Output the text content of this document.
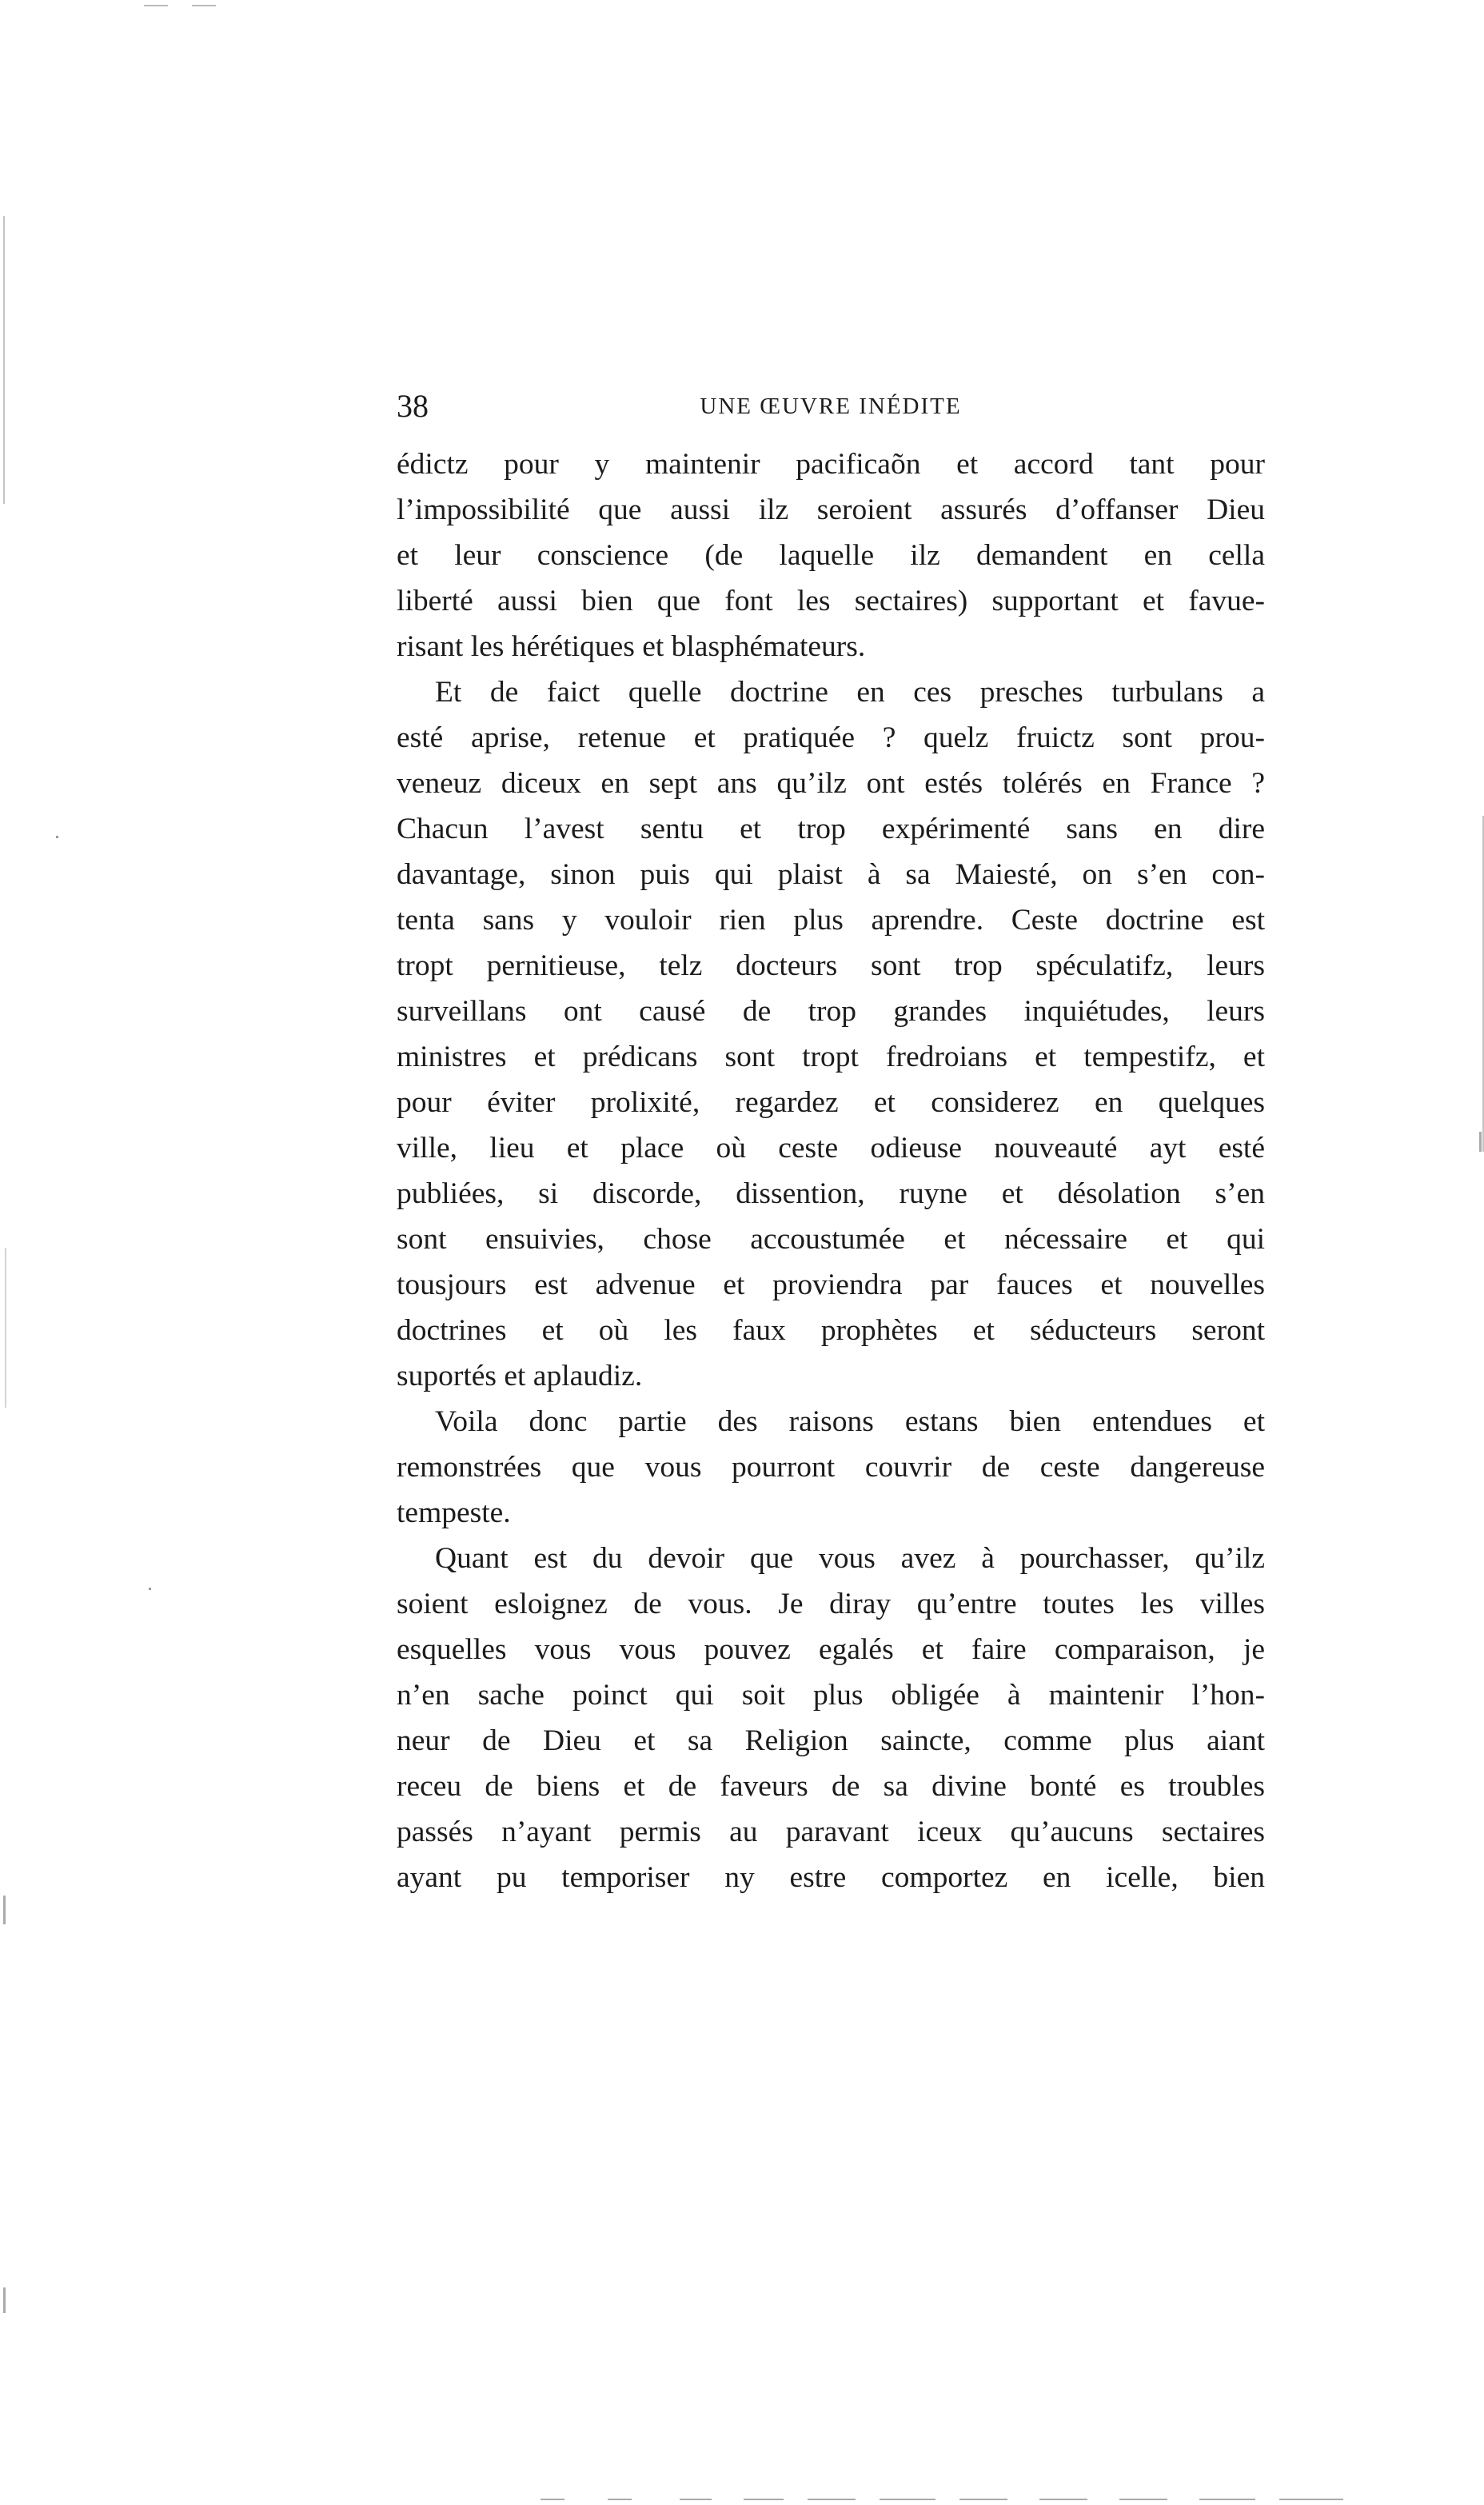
38	UNE ŒUVRE INÉDITE
édictz pour y maintenir pacificaõn et accord tant pour
l’impossibilité que aussi ilz seroient assurés d’offanser Dieu
et leur conscience (de laquelle ilz demandent en cella
liberté aussi bien que font les sectaires) supportant et favue-
risant les hérétiques et blasphémateurs.
Et de faict quelle doctrine en ces presches turbulans a
esté aprise, retenue et pratiquée ? quelz fruictz sont prou-
veneuz diceux en sept ans qu’ilz ont estés tolérés en France ?
Chacun l’avest sentu et trop expérimenté sans en dire
davantage, sinon puis qui plaist à sa Maiesté, on s’en con-
tenta sans y vouloir rien plus aprendre. Ceste doctrine est
tropt pernitieuse, telz docteurs sont trop spéculatifz, leurs
surveillans ont causé de trop grandes inquiétudes, leurs
ministres et prédicans sont tropt fredroians et tempestifz, et
pour éviter prolixité, regardez et considerez en quelques
ville, lieu et place où ceste odieuse nouveauté ayt esté
publiées, si discorde, dissention, ruyne et désolation s’en
sont ensuivies, chose accoustumée et nécessaire et qui
tousjours est advenue et proviendra par fauces et nouvelles
doctrines et où les faux prophètes et séducteurs seront
suportés et aplaudiz.
Voila donc partie des raisons estans bien entendues et
remonstrées que vous pourront couvrir de ceste dangereuse
tempeste.
Quant est du devoir que vous avez à pourchasser, qu’ilz
soient esloignez de vous. Je diray qu’entre toutes les villes
esquelles vous vous pouvez egalés et faire comparaison, je
n’en sache poinct qui soit plus obligée à maintenir l’hon-
neur de Dieu et sa Religion saincte, comme plus aiant
receu de biens et de faveurs de sa divine bonté es troubles
passés n’ayant permis au paravant iceux qu’aucuns sectaires
ayant pu temporiser ny estre comportez en icelle, bien
